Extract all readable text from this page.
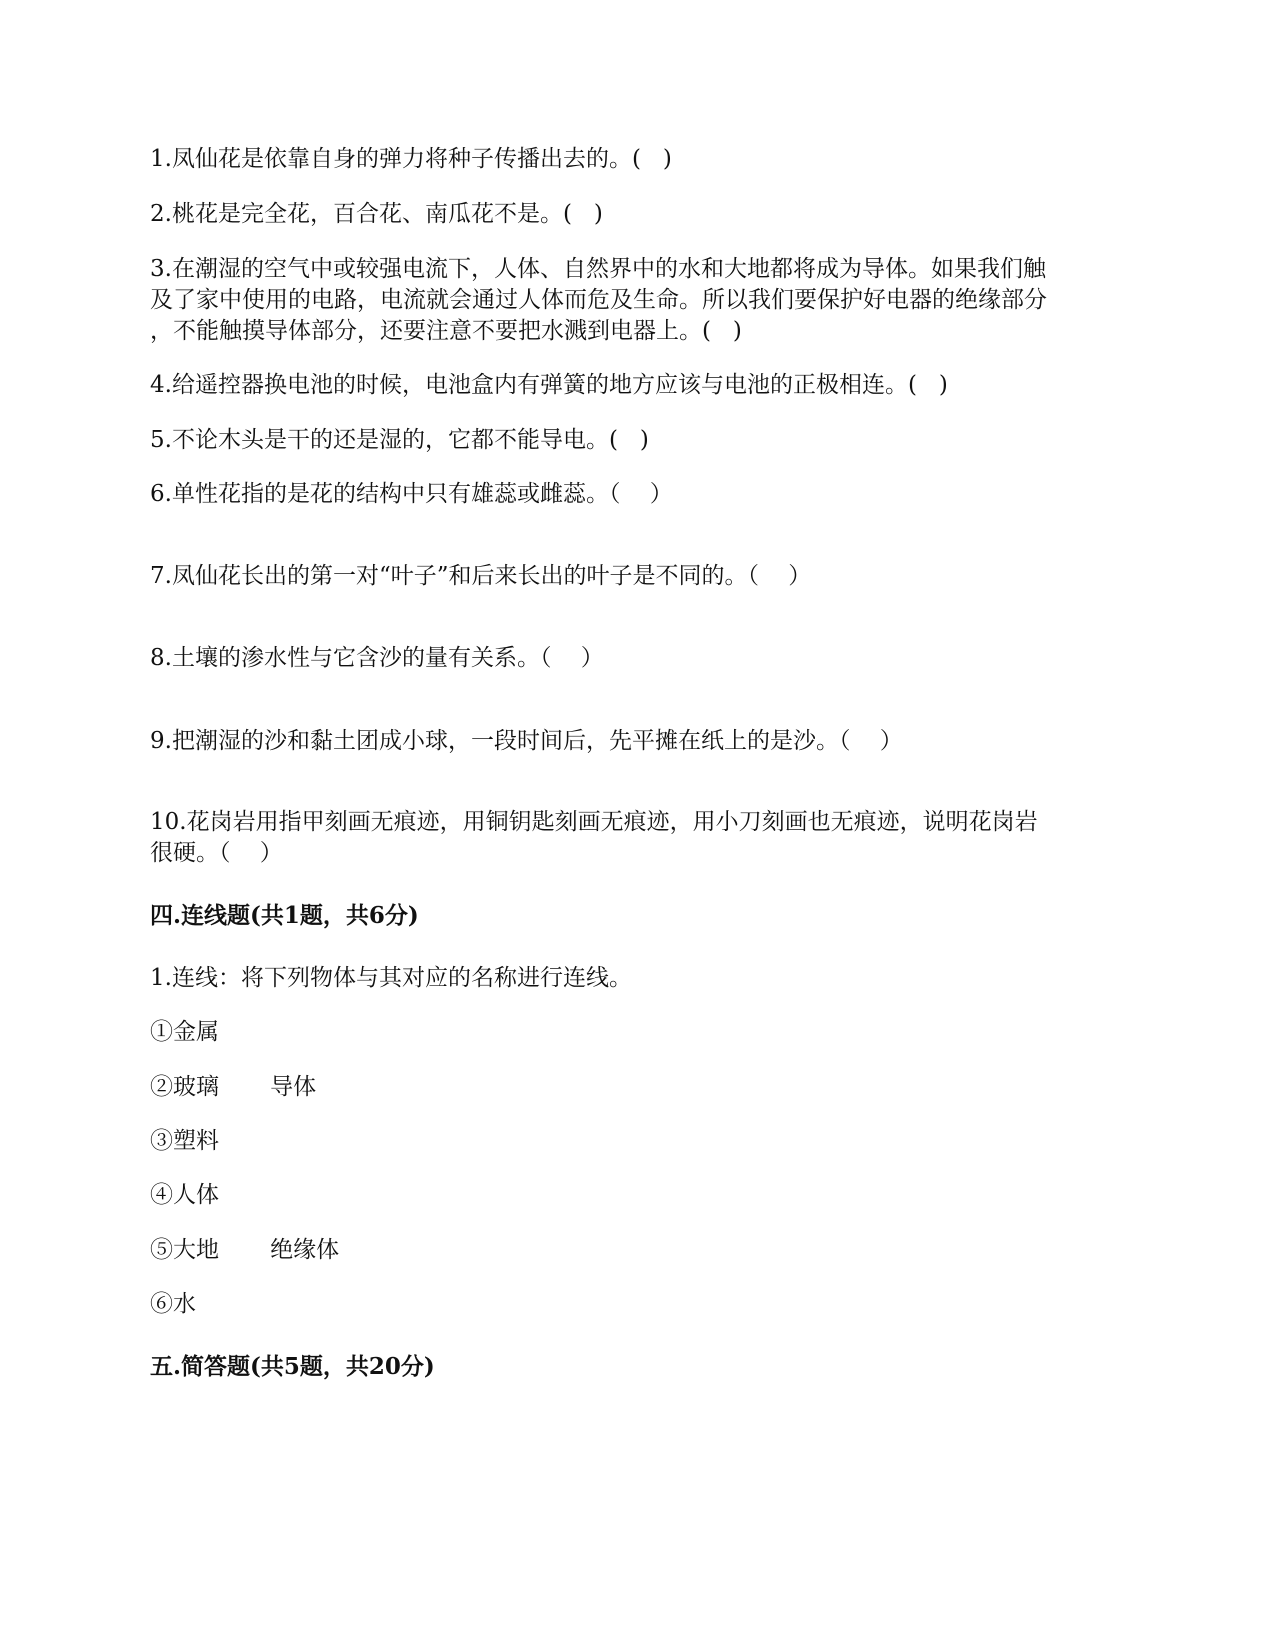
1.凤仙花是依靠自身的弹力将种子传播出去的。(   )
2.桃花是完全花，百合花、南瓜花不是。(   )
3.在潮湿的空气中或较强电流下，人体、自然界中的水和大地都将成为导体。如果我们触
及了家中使用的电路，电流就会通过人体而危及生命。所以我们要保护好电器的绝缘部分
，不能触摸导体部分，还要注意不要把水溅到电器上。(   )
4.给遥控器换电池的时候，电池盒内有弹簧的地方应该与电池的正极相连。(   )
5.不论木头是干的还是湿的，它都不能导电。(   )
6.单性花指的是花的结构中只有雄蕊或雌蕊。（    ）
7.凤仙花长出的第一对“叶子”和后来长出的叶子是不同的。（    ）
8.土壤的渗水性与它含沙的量有关系。（    ）
9.把潮湿的沙和黏土团成小球，一段时间后，先平摊在纸上的是沙。（    ）
10.花岗岩用指甲刻画无痕迹，用铜钥匙刻画无痕迹，用小刀刻画也无痕迹，说明花岗岩
很硬。（    ）
四.连线题(共1题，共6分)
1.连线：将下列物体与其对应的名称进行连线。
①金属
②玻璃       导体
③塑料
④人体
⑤大地       绝缘体
⑥水
五.简答题(共5题，共20分)
